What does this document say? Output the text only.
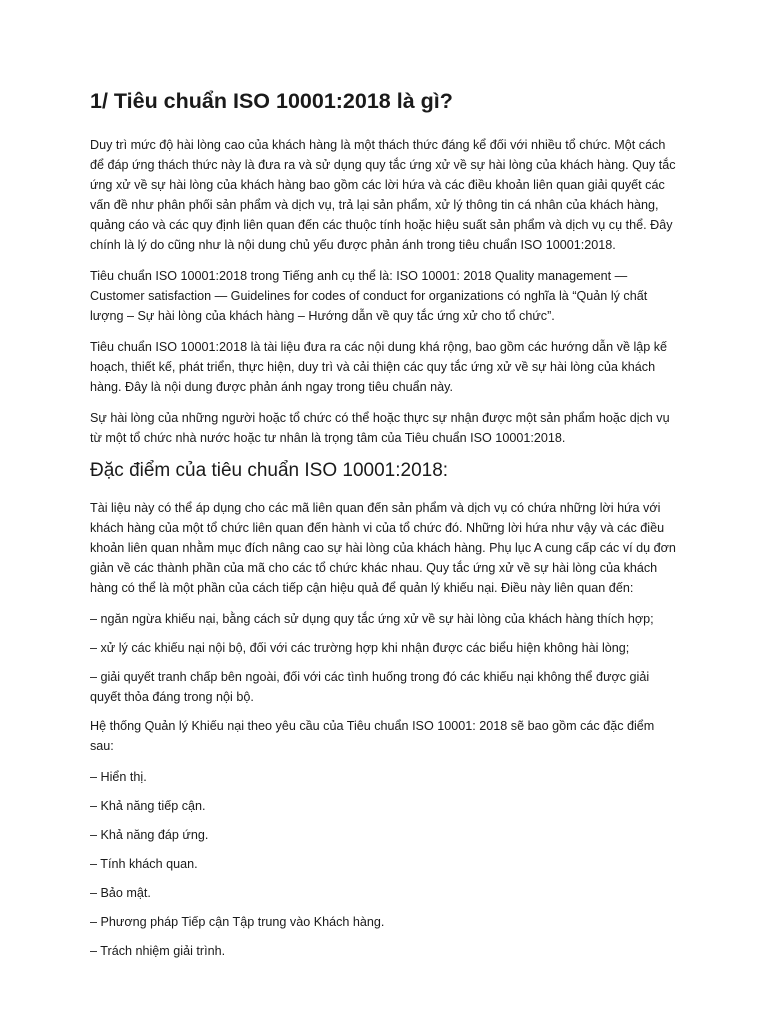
1/ Tiêu chuẩn ISO 10001:2018 là gì?

Duy trì mức độ hài lòng cao của khách hàng là một thách thức đáng kể đối với nhiều tổ chức. Một cách để đáp ứng thách thức này là đưa ra và sử dụng quy tắc ứng xử về sự hài lòng của khách hàng. Quy tắc ứng xử về sự hài lòng của khách hàng bao gồm các lời hứa và các điều khoản liên quan giải quyết các vấn đề như phân phối sản phẩm và dịch vụ, trả lại sản phẩm, xử lý thông tin cá nhân của khách hàng, quảng cáo và các quy định liên quan đến các thuộc tính hoặc hiệu suất sản phẩm và dịch vụ cụ thể. Đây chính là lý do cũng như là nội dung chủ yếu được phản ánh trong tiêu chuẩn ISO 10001:2018.

Tiêu chuẩn ISO 10001:2018 trong Tiếng anh cụ thể là: ISO 10001: 2018 Quality management — Customer satisfaction — Guidelines for codes of conduct for organizations có nghĩa là “Quản lý chất lượng – Sự hài lòng của khách hàng – Hướng dẫn về quy tắc ứng xử cho tổ chức”.

Tiêu chuẩn ISO 10001:2018 là tài liệu đưa ra các nội dung khá rộng, bao gồm các hướng dẫn về lập kế hoạch, thiết kế, phát triển, thực hiện, duy trì và cải thiện các quy tắc ứng xử về sự hài lòng của khách hàng. Đây là nội dung được phản ánh ngay trong tiêu chuẩn này.

Sự hài lòng của những người hoặc tổ chức có thể hoặc thực sự nhận được một sản phẩm hoặc dịch vụ từ một tổ chức nhà nước hoặc tư nhân là trọng tâm của Tiêu chuẩn ISO 10001:2018.

Đặc điểm của tiêu chuẩn ISO 10001:2018:

Tài liệu này có thể áp dụng cho các mã liên quan đến sản phẩm và dịch vụ có chứa những lời hứa với khách hàng của một tổ chức liên quan đến hành vi của tổ chức đó. Những lời hứa như vậy và các điều khoản liên quan nhằm mục đích nâng cao sự hài lòng của khách hàng. Phụ lục A cung cấp các ví dụ đơn giản về các thành phần của mã cho các tổ chức khác nhau. Quy tắc ứng xử về sự hài lòng của khách hàng có thể là một phần của cách tiếp cận hiệu quả để quản lý khiếu nại. Điều này liên quan đến:

– ngăn ngừa khiếu nại, bằng cách sử dụng quy tắc ứng xử về sự hài lòng của khách hàng thích hợp;

– xử lý các khiếu nại nội bộ, đối với các trường hợp khi nhận được các biểu hiện không hài lòng;

– giải quyết tranh chấp bên ngoài, đối với các tình huống trong đó các khiếu nại không thể được giải quyết thỏa đáng trong nội bộ.

Hệ thống Quản lý Khiếu nại theo yêu cầu của Tiêu chuẩn ISO 10001: 2018 sẽ bao gồm các đặc điểm sau:

– Hiển thị.

– Khả năng tiếp cận.

– Khả năng đáp ứng.

– Tính khách quan.

– Bảo mật.

– Phương pháp Tiếp cận Tập trung vào Khách hàng.

– Trách nhiệm giải trình.
